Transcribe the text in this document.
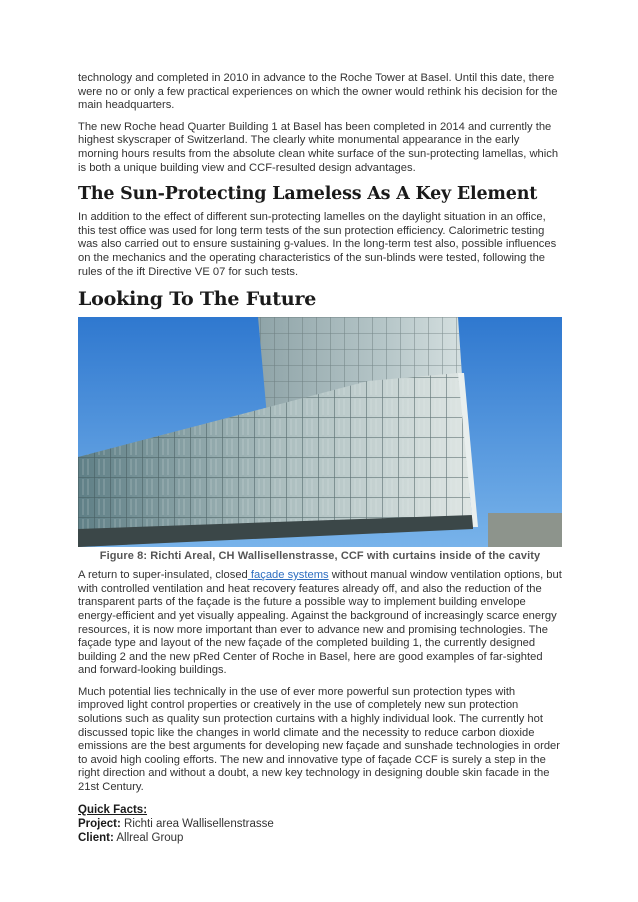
technology and completed in 2010 in advance to the Roche Tower at Basel. Until this date, there were no or only a few practical experiences on which the owner would rethink his decision for the main headquarters.

The new Roche head Quarter Building 1 at Basel has been completed in 2014 and currently the highest skyscraper of Switzerland. The clearly white monumental appearance in the early morning hours results from the absolute clean white surface of the sun-protecting lamellas, which is both a unique building view and CCF-resulted design advantages.

The Sun-Protecting Lameless As A Key Element

In addition to the effect of different sun-protecting lamelles on the daylight situation in an office, this test office was used for long term tests of the sun protection efficiency. Calorimetric testing was also carried out to ensure sustaining g-values. In the long-term test also, possible influences on the mechanics and the operating characteristics of the sun-blinds were tested, following the rules of the ift Directive VE 07 for such tests.

Looking To The Future

Figure 8: Richti Areal, CH Wallisellenstrasse, CCF with curtains inside of the cavity

A return to super-insulated, closed façade systems without manual window ventilation options, but with controlled ventilation and heat recovery features already off, and also the reduction of the transparent parts of the façade is the future a possible way to implement building envelope energy-efficient and yet visually appealing. Against the background of increasingly scarce energy resources, it is now more important than ever to advance new and promising technologies. The façade type and layout of the new façade of the completed building 1, the currently designed building 2 and the new pRed Center of Roche in Basel, here are good examples of far-sighted and forward-looking buildings.

Much potential lies technically in the use of ever more powerful sun protection types with improved light control properties or creatively in the use of completely new sun protection solutions such as quality sun protection curtains with a highly individual look. The currently hot discussed topic like the changes in world climate and the necessity to reduce carbon dioxide emissions are the best arguments for developing new façade and sunshade technologies in order to avoid high cooling efforts. The new and innovative type of façade CCF is surely a step in the right direction and without a doubt, a new key technology in designing double skin facade in the 21st Century.

Quick Facts:

Project: Richti area Wallisellenstrasse

Client: Allreal Group
